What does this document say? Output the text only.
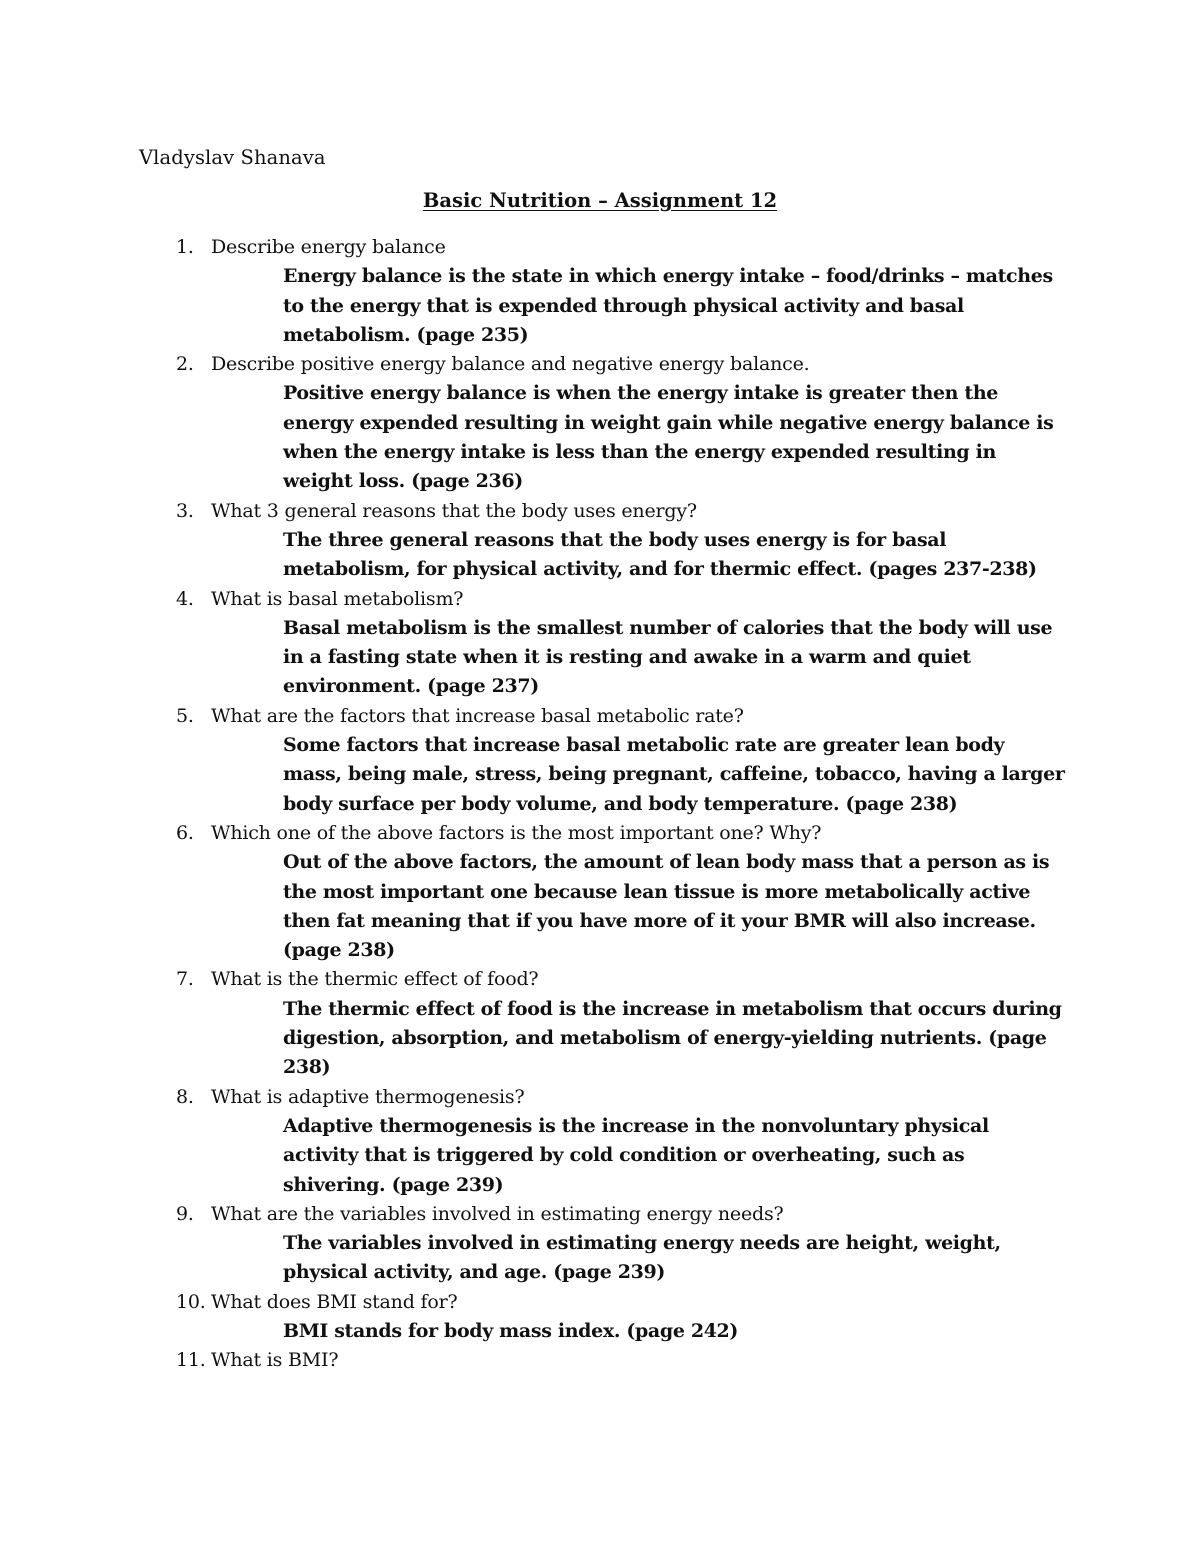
Vladyslav Shanava
Basic Nutrition – Assignment 12
1. Describe energy balance
Energy balance is the state in which energy intake – food/drinks – matches to the energy that is expended through physical activity and basal metabolism. (page 235)
2. Describe positive energy balance and negative energy balance.
Positive energy balance is when the energy intake is greater then the energy expended resulting in weight gain while negative energy balance is when the energy intake is less than the energy expended resulting in weight loss. (page 236)
3. What 3 general reasons that the body uses energy?
The three general reasons that the body uses energy is for basal metabolism, for physical activity, and for thermic effect. (pages 237-238)
4. What is basal metabolism?
Basal metabolism is the smallest number of calories that the body will use in a fasting state when it is resting and awake in a warm and quiet environment. (page 237)
5. What are the factors that increase basal metabolic rate?
Some factors that increase basal metabolic rate are greater lean body mass, being male, stress, being pregnant, caffeine, tobacco, having a larger body surface per body volume, and body temperature. (page 238)
6. Which one of the above factors is the most important one? Why?
Out of the above factors, the amount of lean body mass that a person as is the most important one because lean tissue is more metabolically active then fat meaning that if you have more of it your BMR will also increase. (page 238)
7. What is the thermic effect of food?
The thermic effect of food is the increase in metabolism that occurs during digestion, absorption, and metabolism of energy-yielding nutrients. (page 238)
8. What is adaptive thermogenesis?
Adaptive thermogenesis is the increase in the nonvoluntary physical activity that is triggered by cold condition or overheating, such as shivering. (page 239)
9. What are the variables involved in estimating energy needs?
The variables involved in estimating energy needs are height, weight, physical activity, and age. (page 239)
10. What does BMI stand for?
BMI stands for body mass index. (page 242)
11. What is BMI?
